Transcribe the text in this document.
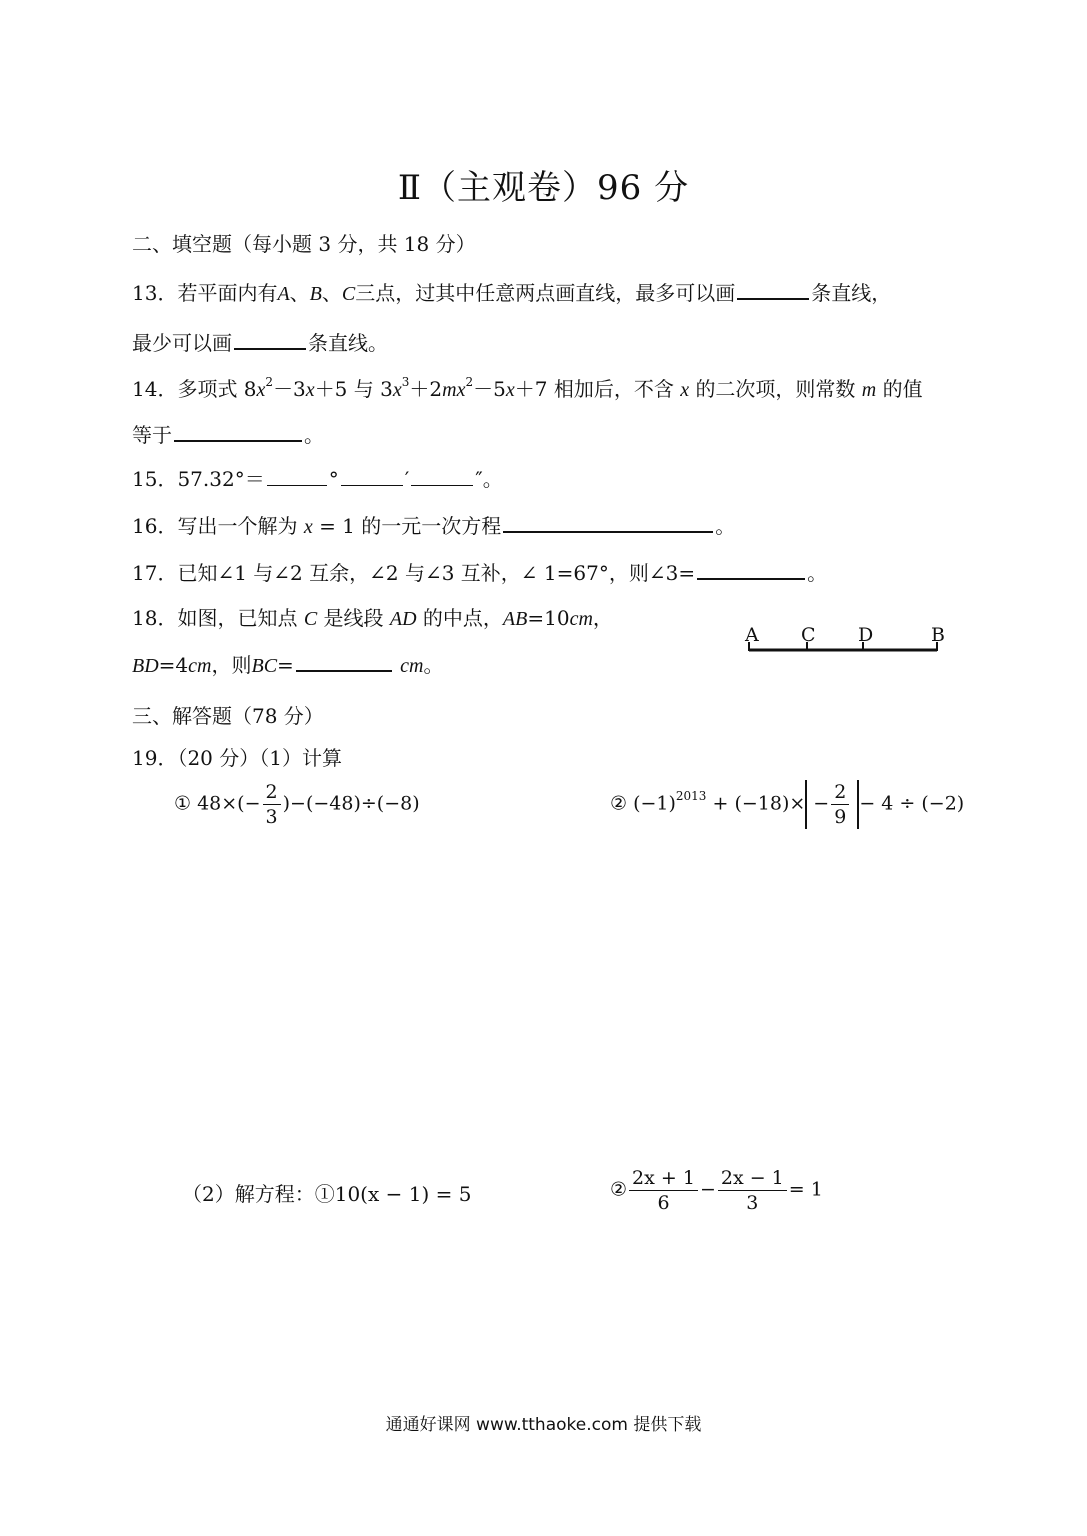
Ⅱ（主观卷）96 分
二、填空题（每小题 3 分，共 18 分）
13．若平面内有A、B、C三点，过其中任意两点画直线，最多可以画	条直线，
最少可以画	条直线。
14．多项式 $8x^2-3x+5$ 与 $3x^3+2mx^2-5x+7$ 相加后，不含 x 的二次项，则常数 m 的值
等于	。
15．57.32°＝	°	′	″。
16．写出一个解为 x = 1 的一元一次方程	。
17．已知∠1 与∠2 互余，∠2 与∠3 互补，∠ 1=67°，则∠3=	。
18．如图，已知点 C 是线段 AD 的中点，AB=10cm，
BD=4cm，则BC=	cm。
A C D	B
三、解答题（78 分）
19．（20 分）（1）计算
① $48\times(- \frac{2}{3} )-(-48)\div(-8)$	② $(-1)^{2013} + (-18)\times - \frac{2}{9} - 4 \div (-2)$
（2）解方程：①10(x − 1) = 5	② $\frac{2x + 1}{6} - \frac{2x - 1}{3} = 1$
通通好课网 www.tthaoke.com 提供下载
